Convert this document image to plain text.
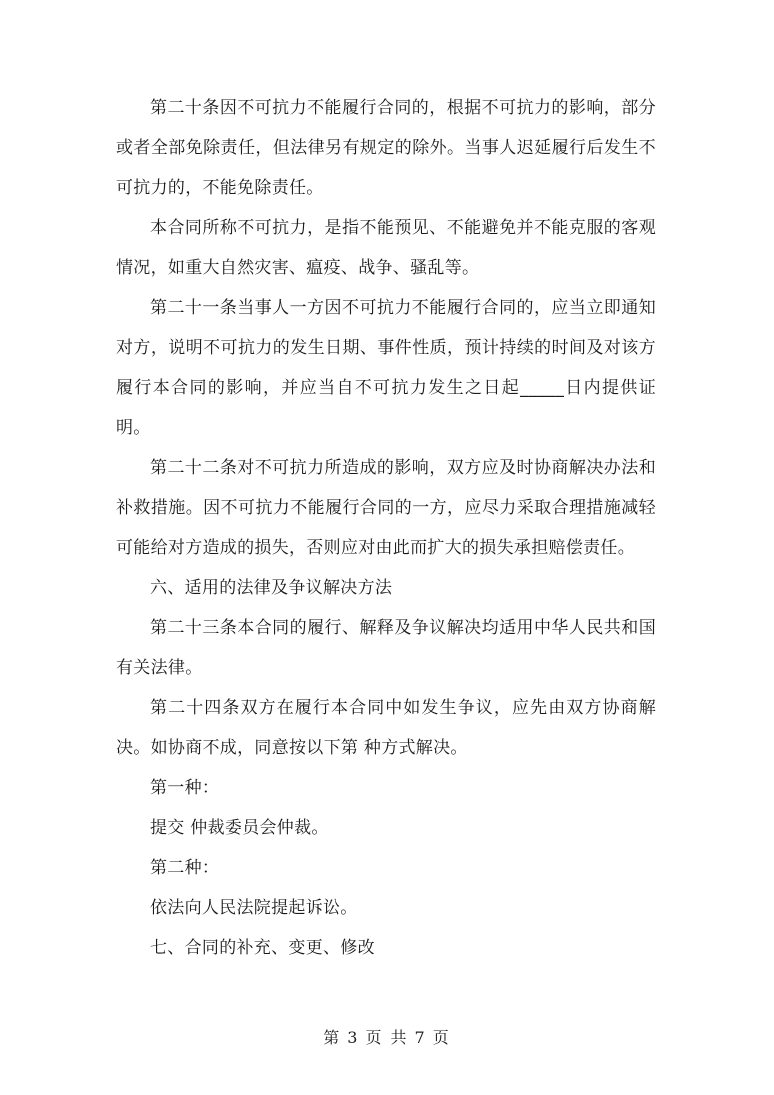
第二十条因不可抗力不能履行合同的，根据不可抗力的影响，部分或者全部免除责任，但法律另有规定的除外。当事人迟延履行后发生不可抗力的，不能免除责任。

本合同所称不可抗力，是指不能预见、不能避免并不能克服的客观情况，如重大自然灾害、瘟疫、战争、骚乱等。

第二十一条当事人一方因不可抗力不能履行合同的，应当立即通知对方，说明不可抗力的发生日期、事件性质，预计持续的时间及对该方履行本合同的影响，并应当自不可抗力发生之日起_____日内提供证明。

第二十二条对不可抗力所造成的影响，双方应及时协商解决办法和补救措施。因不可抗力不能履行合同的一方，应尽力采取合理措施减轻可能给对方造成的损失，否则应对由此而扩大的损失承担赔偿责任。

六、适用的法律及争议解决方法

第二十三条本合同的履行、解释及争议解决均适用中华人民共和国有关法律。

第二十四条双方在履行本合同中如发生争议，应先由双方协商解决。如协商不成，同意按以下第 种方式解决。

第一种：

提交 仲裁委员会仲裁。

第二种：

依法向人民法院提起诉讼。

七、合同的补充、变更、修改

第 3 页 共 7 页
